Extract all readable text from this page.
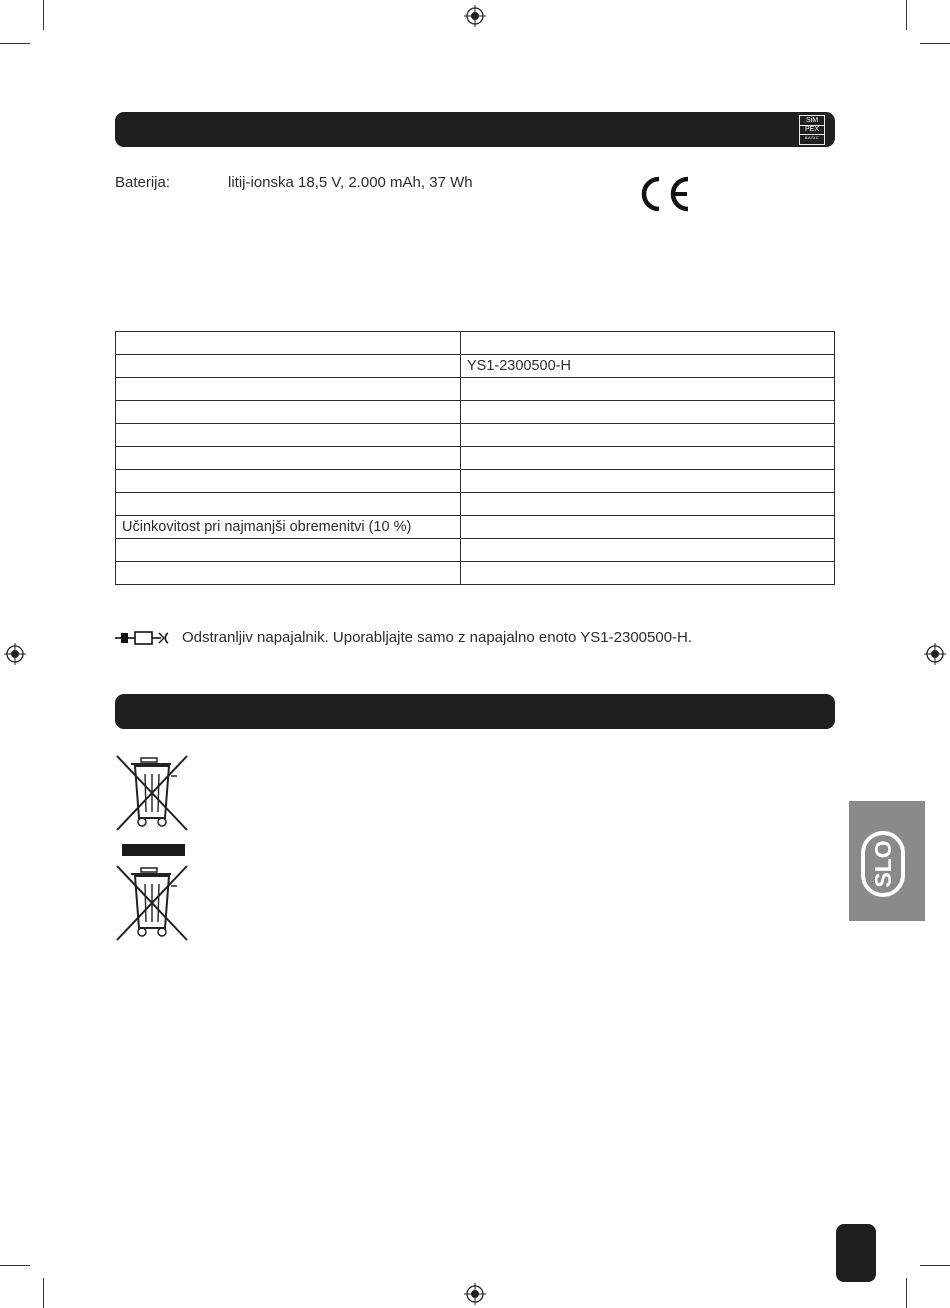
SiM
PEX
BASIC
Baterija:	litij-ionska 18,5 V, 2.000 mAh, 37 Wh

	YS1-2300500-H

Učinkovitost pri najmanjši obremenitvi (10 %)	

Odstranljiv napajalnik. Uporabljajte samo z napajalno enoto YS1-2300500-H.
SLO
